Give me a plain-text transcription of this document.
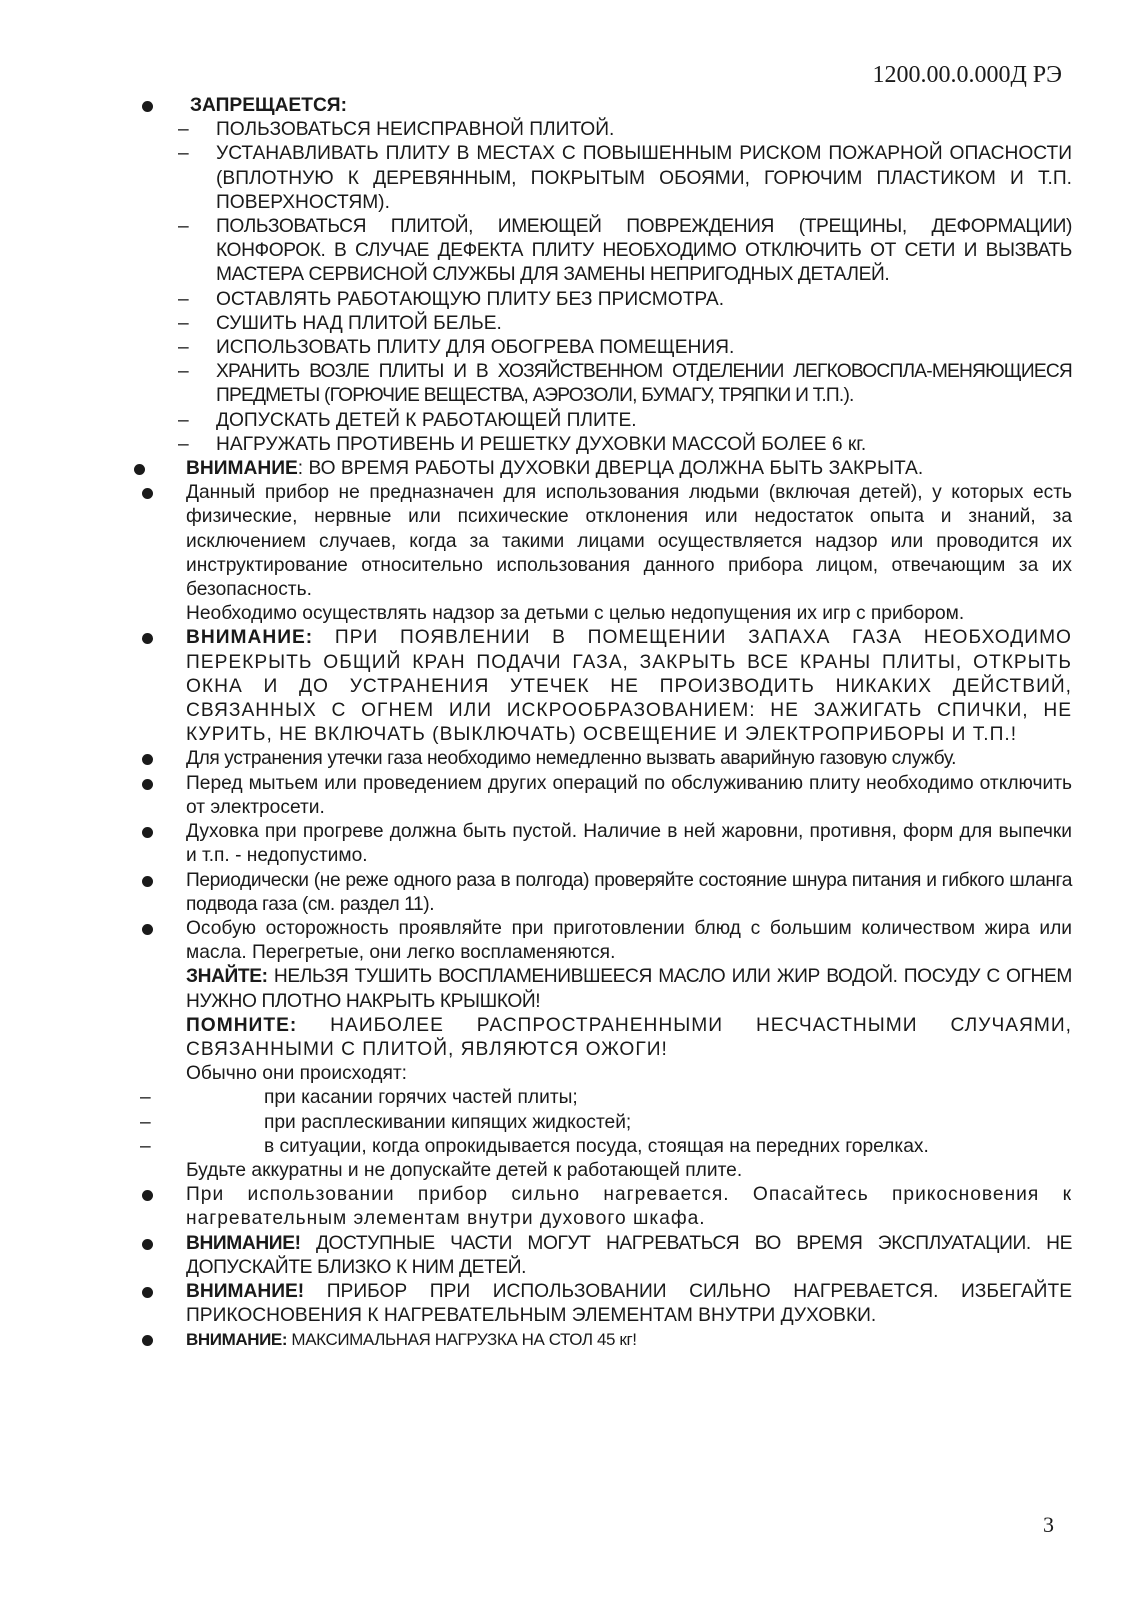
1200.00.0.000Д РЭ

ЗАПРЕЩАЕТСЯ:

– ПОЛЬЗОВАТЬСЯ НЕИСПРАВНОЙ ПЛИТОЙ.

– УСТАНАВЛИВАТЬ ПЛИТУ В МЕСТАХ С ПОВЫШЕННЫМ РИСКОМ ПОЖАРНОЙ ОПАСНОСТИ (ВПЛОТНУЮ К ДЕРЕВЯННЫМ, ПОКРЫТЫМ ОБОЯМИ, ГОРЮЧИМ ПЛАСТИКОМ И Т.П. ПОВЕРХНОСТЯМ).

– ПОЛЬЗОВАТЬСЯ ПЛИТОЙ, ИМЕЮЩЕЙ ПОВРЕЖДЕНИЯ (ТРЕЩИНЫ, ДЕФОРМАЦИИ) КОНФОРОК. В СЛУЧАЕ ДЕФЕКТА ПЛИТУ НЕОБХОДИМО ОТКЛЮЧИТЬ ОТ СЕТИ И ВЫЗВАТЬ МАСТЕРА СЕРВИСНОЙ СЛУЖБЫ ДЛЯ ЗАМЕНЫ НЕПРИГОДНЫХ ДЕТАЛЕЙ.

– ОСТАВЛЯТЬ РАБОТАЮЩУЮ ПЛИТУ БЕЗ ПРИСМОТРА.

– СУШИТЬ НАД ПЛИТОЙ БЕЛЬЕ.

– ИСПОЛЬЗОВАТЬ ПЛИТУ ДЛЯ ОБОГРЕВА ПОМЕЩЕНИЯ.

– ХРАНИТЬ ВОЗЛЕ ПЛИТЫ И В ХОЗЯЙСТВЕННОМ ОТДЕЛЕНИИ ЛЕГКОВОСПЛА-МЕНЯЮЩИЕСЯ ПРЕДМЕТЫ (ГОРЮЧИЕ ВЕЩЕСТВА, АЭРОЗОЛИ, БУМАГУ, ТРЯПКИ И Т.П.).

– ДОПУСКАТЬ ДЕТЕЙ К РАБОТАЮЩЕЙ ПЛИТЕ.

– НАГРУЖАТЬ ПРОТИВЕНЬ И РЕШЕТКУ ДУХОВКИ МАССОЙ БОЛЕЕ 6 кг.

ВНИМАНИЕ: ВО ВРЕМЯ РАБОТЫ ДУХОВКИ ДВЕРЦА ДОЛЖНА БЫТЬ ЗАКРЫТА.

Данный прибор не предназначен для использования людьми (включая детей), у которых есть физические, нервные или психические отклонения или недостаток опыта и знаний, за исключением случаев, когда за такими лицами осуществляется надзор или проводится их инструктирование относительно использования данного прибора лицом, отвечающим за их безопасность.

Необходимо осуществлять надзор за детьми с целью недопущения их игр с прибором.

ВНИМАНИЕ: ПРИ ПОЯВЛЕНИИ В ПОМЕЩЕНИИ ЗАПАХА ГАЗА НЕОБХОДИМО ПЕРЕКРЫТЬ ОБЩИЙ КРАН ПОДАЧИ ГАЗА, ЗАКРЫТЬ ВСЕ КРАНЫ ПЛИТЫ, ОТКРЫТЬ ОКНА И ДО УСТРАНЕНИЯ УТЕЧЕК НЕ ПРОИЗВОДИТЬ НИКАКИХ ДЕЙСТВИЙ, СВЯЗАННЫХ С ОГНЕМ ИЛИ ИСКРООБРАЗОВАНИЕМ: НЕ ЗАЖИГАТЬ СПИЧКИ, НЕ КУРИТЬ, НЕ ВКЛЮЧАТЬ (ВЫКЛЮЧАТЬ) ОСВЕЩЕНИЕ И ЭЛЕКТРОПРИБОРЫ И Т.П.!

Для устранения утечки газа необходимо немедленно вызвать аварийную газовую службу.

Перед мытьем или проведением других операций по обслуживанию плиту необходимо отключить от электросети.

Духовка при прогреве должна быть пустой. Наличие в ней жаровни, противня, форм для выпечки и т.п. - недопустимо.

Периодически (не реже одного раза в полгода) проверяйте состояние шнура питания и гибкого шланга подвода газа (см. раздел 11).

Особую осторожность проявляйте при приготовлении блюд с большим количеством жира или масла. Перегретые, они легко воспламеняются.

ЗНАЙТЕ: НЕЛЬЗЯ ТУШИТЬ ВОСПЛАМЕНИВШЕЕСЯ МАСЛО ИЛИ ЖИР ВОДОЙ. ПОСУДУ С ОГНЕМ НУЖНО ПЛОТНО НАКРЫТЬ КРЫШКОЙ!

ПОМНИТЕ: НАИБОЛЕЕ РАСПРОСТРАНЕННЫМИ НЕСЧАСТНЫМИ СЛУЧАЯМИ, СВЯЗАННЫМИ С ПЛИТОЙ, ЯВЛЯЮТСЯ ОЖОГИ!

Обычно они происходят:

–	при касании горячих частей плиты;

–	при расплескивании кипящих жидкостей;

–	в ситуации, когда опрокидывается посуда, стоящая на передних горелках.

Будьте аккуратны и не допускайте детей к работающей плите.

При использовании прибор сильно нагревается. Опасайтесь прикосновения к нагревательным элементам внутри духового шкафа.

ВНИМАНИЕ! ДОСТУПНЫЕ ЧАСТИ МОГУТ НАГРЕВАТЬСЯ ВО ВРЕМЯ ЭКСПЛУАТАЦИИ. НЕ ДОПУСКАЙТЕ БЛИЗКО К НИМ ДЕТЕЙ.

ВНИМАНИЕ! ПРИБОР ПРИ ИСПОЛЬЗОВАНИИ СИЛЬНО НАГРЕВАЕТСЯ. ИЗБЕГАЙТЕ ПРИКОСНОВЕНИЯ К НАГРЕВАТЕЛЬНЫМ ЭЛЕМЕНТАМ ВНУТРИ ДУХОВКИ.

ВНИМАНИЕ: МАКСИМАЛЬНАЯ НАГРУЗКА НА СТОЛ 45 кг!

3
